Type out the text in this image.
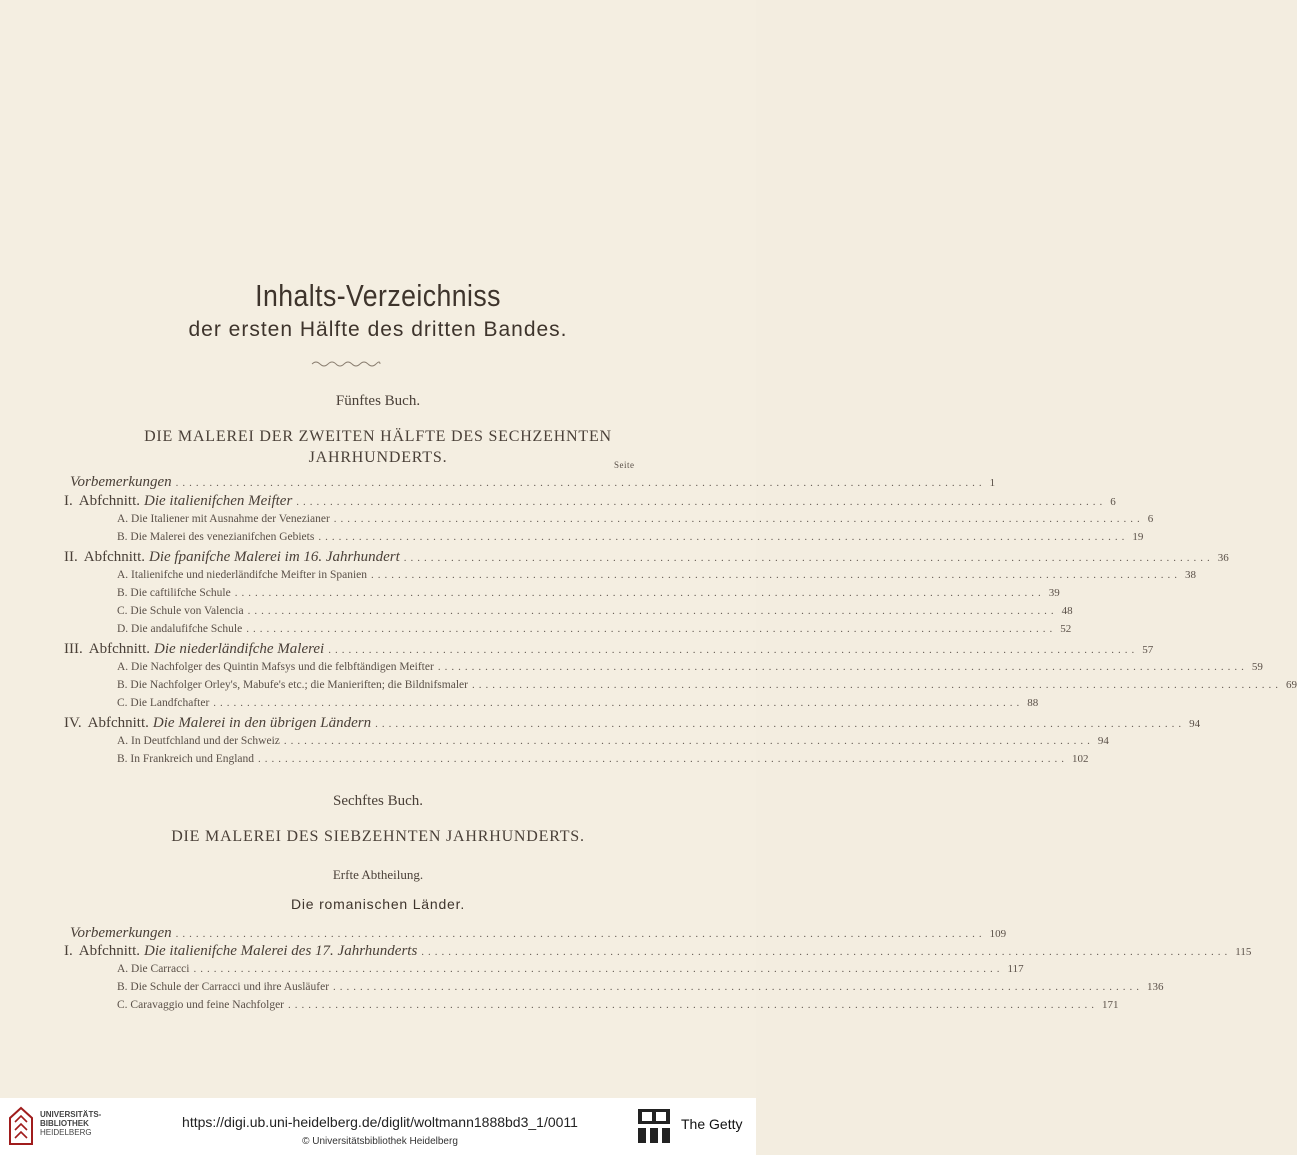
Inhalts-Verzeichniss
der ersten Hälfte des dritten Bandes.
Fünftes Buch.
DIE MALEREI DER ZWEITEN HÄLFTE DES SECHZEHNTEN
JAHRHUNDERTS.	Seite
Vorbemerkungen ........................................................................................................................ 1
I. Abfchnitt. Die italienifchen Meifter ........................................................................................................................ 6
A. Die Italiener mit Ausnahme der Venezianer ........................................................................................................................ 6
B. Die Malerei des venezianifchen Gebiets ........................................................................................................................ 19
II. Abfchnitt. Die fpanifche Malerei im 16. Jahrhundert ........................................................................................................................ 36
A. Italienifche und niederländifche Meifter in Spanien ........................................................................................................................ 38
B. Die caftilifche Schule ........................................................................................................................ 39
C. Die Schule von Valencia ........................................................................................................................ 48
D. Die andalufifche Schule ........................................................................................................................ 52
III. Abfchnitt. Die niederländifche Malerei ........................................................................................................................ 57
A. Die Nachfolger des Quintin Mafsys und die felbftändigen Meifter ........................................................................................................................ 59
B. Die Nachfolger Orley's, Mabufe's etc.; die Manieriften; die Bildnifsmaler ........................................................................................................................ 69
C. Die Landfchafter ........................................................................................................................ 88
IV. Abfchnitt. Die Malerei in den übrigen Ländern ........................................................................................................................ 94
A. In Deutfchland und der Schweiz ........................................................................................................................ 94
B. In Frankreich und England ........................................................................................................................ 102
Sechftes Buch.
DIE MALEREI DES SIEBZEHNTEN JAHRHUNDERTS.
Erfte Abtheilung.
Die romanischen Länder.
Vorbemerkungen ........................................................................................................................ 109
I. Abfchnitt. Die italienifche Malerei des 17. Jahrhunderts ........................................................................................................................ 115
A. Die Carracci ........................................................................................................................ 117
B. Die Schule der Carracci und ihre Ausläufer ........................................................................................................................ 136
C. Caravaggio und feine Nachfolger ........................................................................................................................ 171
UNIVERSITÄTS-
BIBLIOTHEK
HEIDELBERG
https://digi.ub.uni-heidelberg.de/diglit/woltmann1888bd3_1/0011
© Universitätsbibliothek Heidelberg
The Getty
